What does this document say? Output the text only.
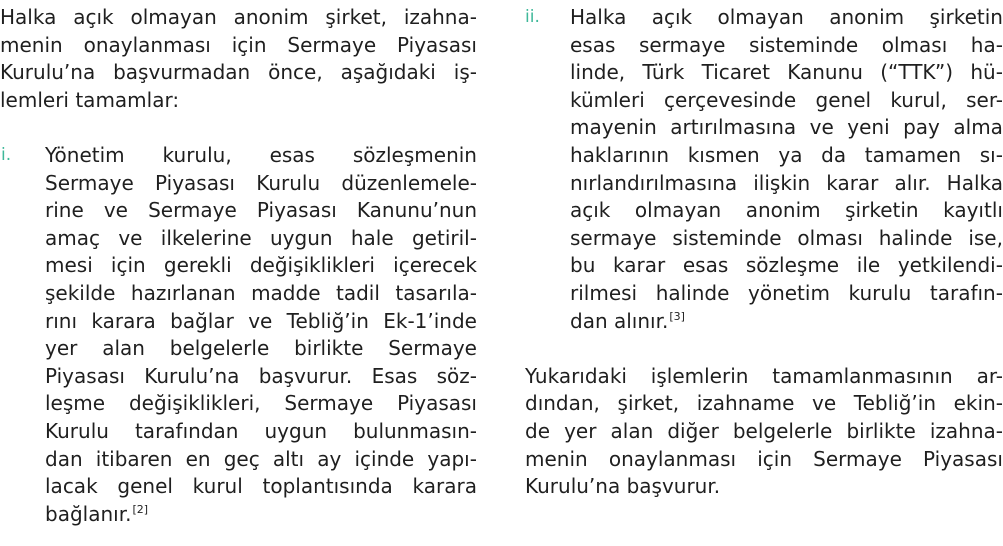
Halka açık olmayan anonim şirket, izahna-
menin onaylanması için Sermaye Piyasası
Kurulu’na başvurmadan önce, aşağıdaki iş-
lemleri tamamlar:
i. Yönetim kurulu, esas sözleşmenin
Sermaye Piyasası Kurulu düzenlemele-
rine ve Sermaye Piyasası Kanunu’nun
amaç ve ilkelerine uygun hale getiril-
mesi için gerekli değişiklikleri içerecek
şekilde hazırlanan madde tadil tasarıla-
rını karara bağlar ve Tebliğ’in Ek-1’inde
yer alan belgelerle birlikte Sermaye
Piyasası Kurulu’na başvurur. Esas söz-
leşme değişiklikleri, Sermaye Piyasası
Kurulu tarafından uygun bulunmasın-
dan itibaren en geç altı ay içinde yapı-
lacak genel kurul toplantısında karara
bağlanır.[2]
ii. Halka açık olmayan anonim şirketin
esas sermaye sisteminde olması ha-
linde, Türk Ticaret Kanunu (“TTK”) hü-
kümleri çerçevesinde genel kurul, ser-
mayenin artırılmasına ve yeni pay alma
haklarının kısmen ya da tamamen sı-
nırlandırılmasına ilişkin karar alır. Halka
açık olmayan anonim şirketin kayıtlı
sermaye sisteminde olması halinde ise,
bu karar esas sözleşme ile yetkilendi-
rilmesi halinde yönetim kurulu tarafın-
dan alınır.[3]
Yukarıdaki işlemlerin tamamlanmasının ar-
dından, şirket, izahname ve Tebliğ’in ekin-
de yer alan diğer belgelerle birlikte izahna-
menin onaylanması için Sermaye Piyasası
Kurulu’na başvurur.
